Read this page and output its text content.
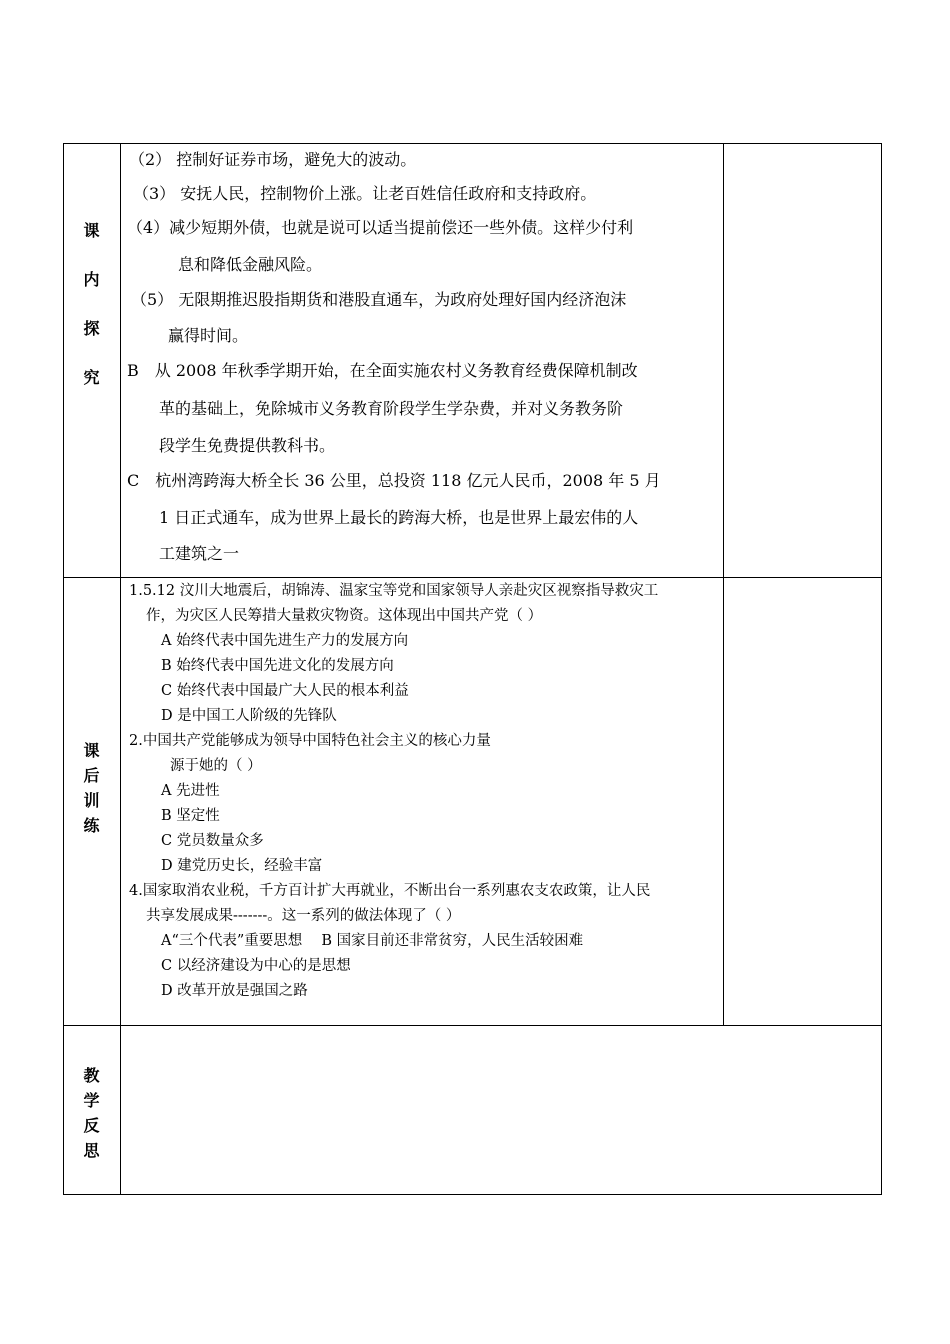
课
内
探
究
（2） 控制好证券市场，避免大的波动。
（3） 安抚人民，控制物价上涨。让老百姓信任政府和支持政府。
（4）减少短期外债，也就是说可以适当提前偿还一些外债。这样少付利
息和降低金融风险。
（5） 无限期推迟股指期货和港股直通车，为政府处理好国内经济泡沫
赢得时间。
B　从 2008 年秋季学期开始，在全面实施农村义务教育经费保障机制改
革的基础上，免除城市义务教育阶段学生学杂费，并对义务教务阶
段学生免费提供教科书。
C　杭州湾跨海大桥全长 36 公里，总投资 118 亿元人民币，2008 年 5 月
1 日正式通车，成为世界上最长的跨海大桥，也是世界上最宏伟的人
工建筑之一
课
后
训
练
1.5.12 汶川大地震后，胡锦涛、温家宝等党和国家领导人亲赴灾区视察指导救灾工
作，为灾区人民筹措大量救灾物资。这体现出中国共产党（ ）
A 始终代表中国先进生产力的发展方向
B 始终代表中国先进文化的发展方向
C 始终代表中国最广大人民的根本利益
D 是中国工人阶级的先锋队
2.中国共产党能够成为领导中国特色社会主义的核心力量
源于她的（ ）
A 先进性
B 坚定性
C 党员数量众多
D 建党历史长，经验丰富
4.国家取消农业税，千方百计扩大再就业，不断出台一系列惠农支农政策，让人民
共享发展成果-------。这一系列的做法体现了（ ）
A“三个代表”重要思想　 B 国家目前还非常贫穷，人民生活较困难
C 以经济建设为中心的是思想
D 改革开放是强国之路
教
学
反
思
